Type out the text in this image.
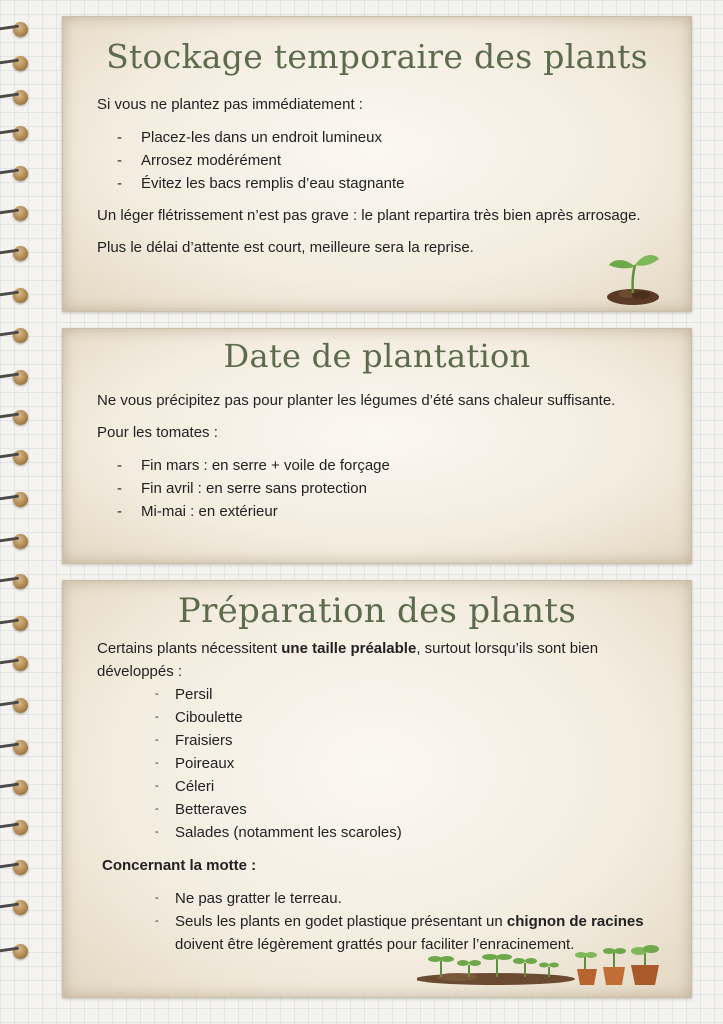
Stockage temporaire des plants

Si vous ne plantez pas immédiatement :

- Placez-les dans un endroit lumineux
- Arrosez modérément
- Évitez les bacs remplis d’eau stagnante

Un léger flétrissement n’est pas grave : le plant repartira très bien après arrosage.

Plus le délai d’attente est court, meilleure sera la reprise.

Date de plantation

Ne vous précipitez pas pour planter les légumes d’été sans chaleur suffisante.

Pour les tomates :

- Fin mars : en serre + voile de forçage
- Fin avril : en serre sans protection
- Mi-mai : en extérieur
Préparation des plants

Certains plants nécessitent une taille préalable, surtout lorsqu’ils sont bien développés :

- Persil
- Ciboulette
- Fraisiers
- Poireaux
- Céleri
- Betteraves
- Salades (notamment les scaroles)

Concernant la motte :

- Ne pas gratter le terreau.
- Seuls les plants en godet plastique présentant un chignon de racines doivent être légèrement grattés pour faciliter l’enracinement.
